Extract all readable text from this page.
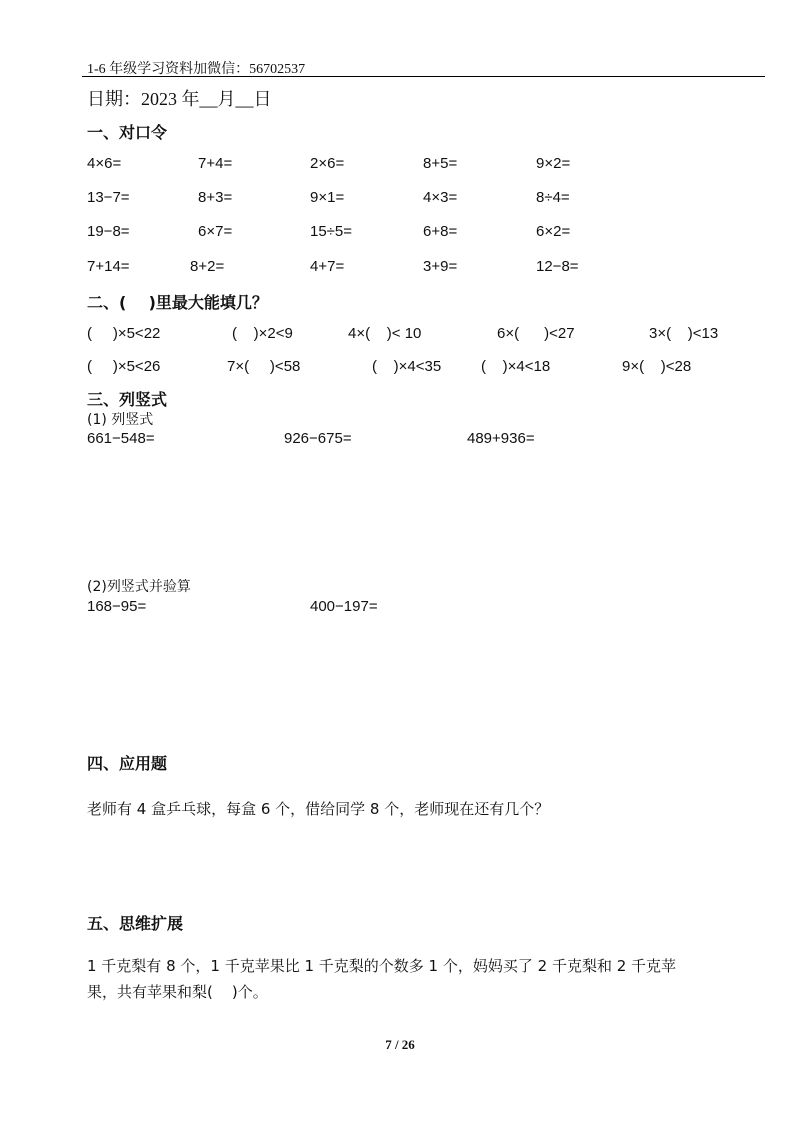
1-6 年级学习资料加微信：56702537
日期：2023 年__月__日
一、对口令
4×6=	7+4=	2×6=	8+5=	9×2=
13−7=	8+3=	9×1=	4×3=	8÷4=
19−8=	6×7=	15÷5=	6+8=	6×2=
7+14=	8+2=	4+7=	3+9=	12−8=
二、(    )里最大能填几？
(     )×5<22	(    )×2<9	4×(    )< 10	6×(      )<27	3×(    )<13
(     )×5<26	7×(     )<58	(    )×4<35	(    )×4<18	9×(    )<28
三、列竖式
(1) 列竖式
661−548=	926−675=	489+936=
(2)列竖式并验算
168−95=	400−197=
四、应用题
老师有 4 盒乒乓球，每盒 6 个，借给同学 8 个，老师现在还有几个？
五、思维扩展
1 千克梨有 8 个，1 千克苹果比 1 千克梨的个数多 1 个，妈妈买了 2 千克梨和 2 千克苹
果，共有苹果和梨(    )个。
7 / 26
